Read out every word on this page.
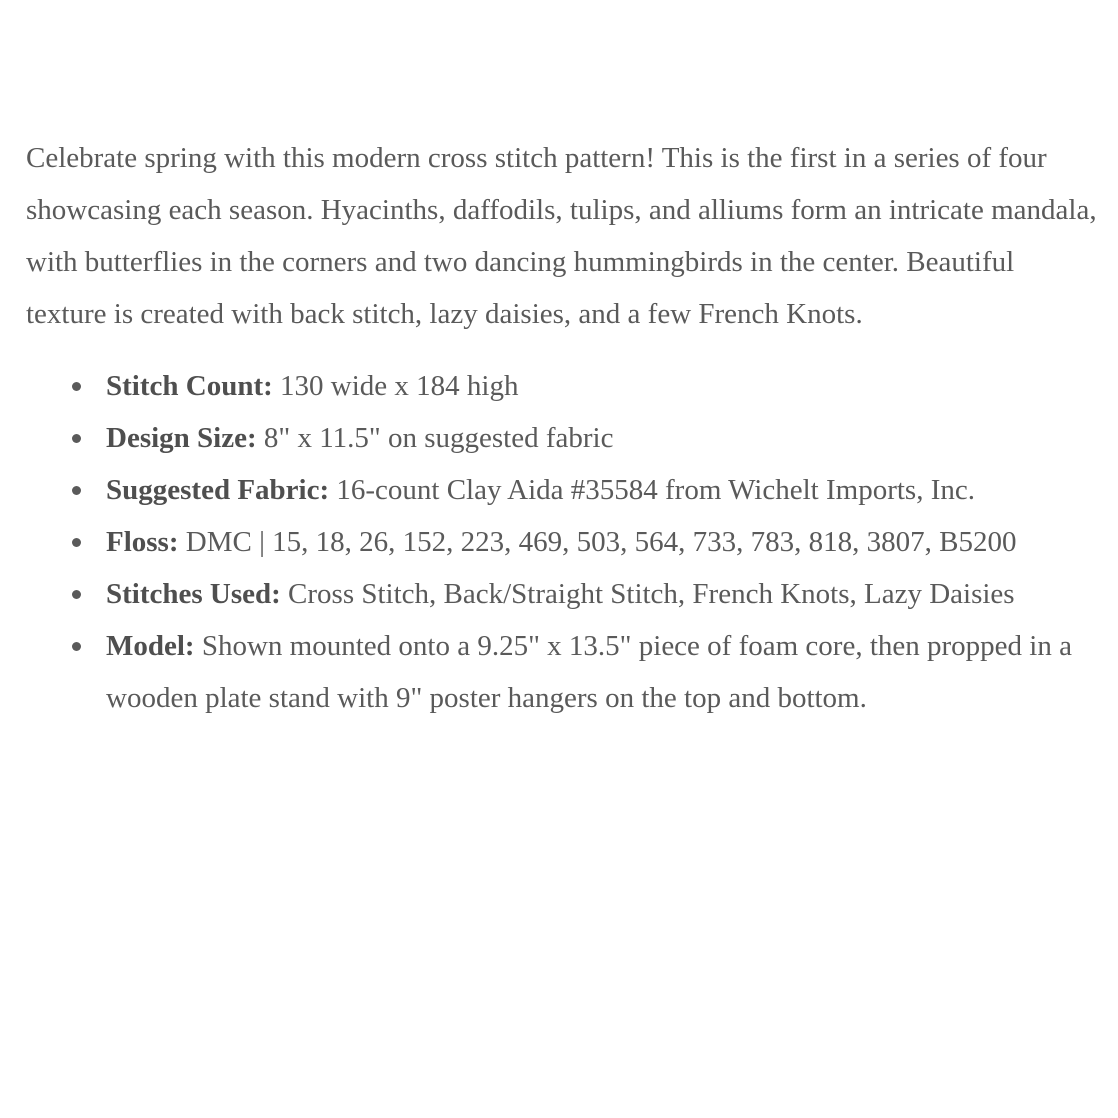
Celebrate spring with this modern cross stitch pattern! This is the first in a series of four showcasing each season. Hyacinths, daffodils, tulips, and alliums form an intricate mandala, with butterflies in the corners and two dancing hummingbirds in the center. Beautiful texture is created with back stitch, lazy daisies, and a few French Knots.

Stitch Count: 130 wide x 184 high
Design Size: 8" x 11.5" on suggested fabric
Suggested Fabric: 16-count Clay Aida #35584 from Wichelt Imports, Inc.
Floss: DMC | 15, 18, 26, 152, 223, 469, 503, 564, 733, 783, 818, 3807, B5200
Stitches Used: Cross Stitch, Back/Straight Stitch, French Knots, Lazy Daisies
Model: Shown mounted onto a 9.25" x 13.5" piece of foam core, then propped in a wooden plate stand with 9" poster hangers on the top and bottom.
